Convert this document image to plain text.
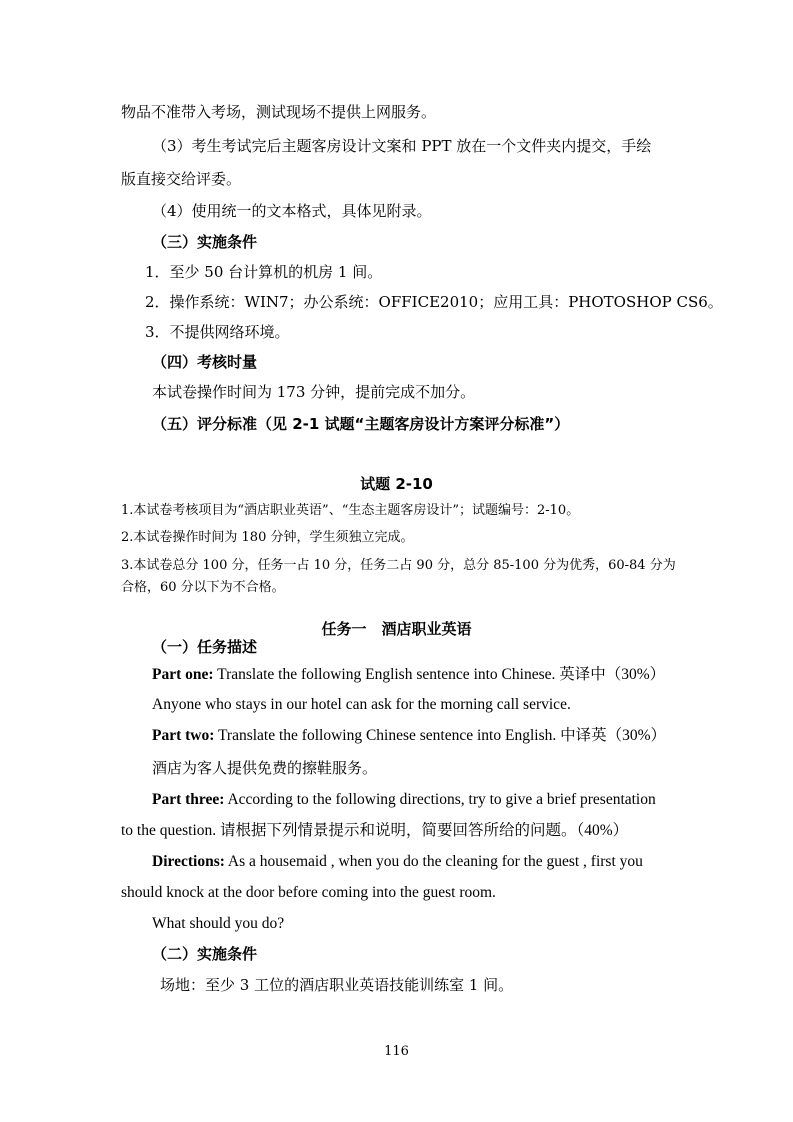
物品不准带入考场，测试现场不提供上网服务。
（3）考生考试完后主题客房设计文案和 PPT 放在一个文件夹内提交，手绘
版直接交给评委。
（4）使用统一的文本格式，具体见附录。
（三）实施条件
1．至少 50 台计算机的机房 1 间。
2．操作系统：WIN7；办公系统：OFFICE2010；应用工具：PHOTOSHOP CS6。
3．不提供网络环境。
（四）考核时量
本试卷操作时间为 173 分钟，提前完成不加分。
（五）评分标准（见 2-1 试题“主题客房设计方案评分标准”）
试题 2-10
1.本试卷考核项目为“酒店职业英语”、“生态主题客房设计”；试题编号：2-10。
2.本试卷操作时间为 180 分钟，学生须独立完成。
3.本试卷总分 100 分，任务一占 10 分，任务二占 90 分，总分 85-100 分为优秀，60-84 分为
合格，60 分以下为不合格。
任务一　酒店职业英语
（一）任务描述
Part one: Translate the following English sentence into Chinese. 英译中（30%）
Anyone who stays in our hotel can ask for the morning call service.
Part two: Translate the following Chinese sentence into English. 中译英（30%）
酒店为客人提供免费的擦鞋服务。
Part three: According to the following directions, try to give a brief presentation
to the question. 请根据下列情景提示和说明，简要回答所给的问题。（40%）
Directions: As a housemaid , when you do the cleaning for the guest , first you
should knock at the door before coming into the guest room.
What should you do?
（二）实施条件
场地：至少 3 工位的酒店职业英语技能训练室 1 间。
116
